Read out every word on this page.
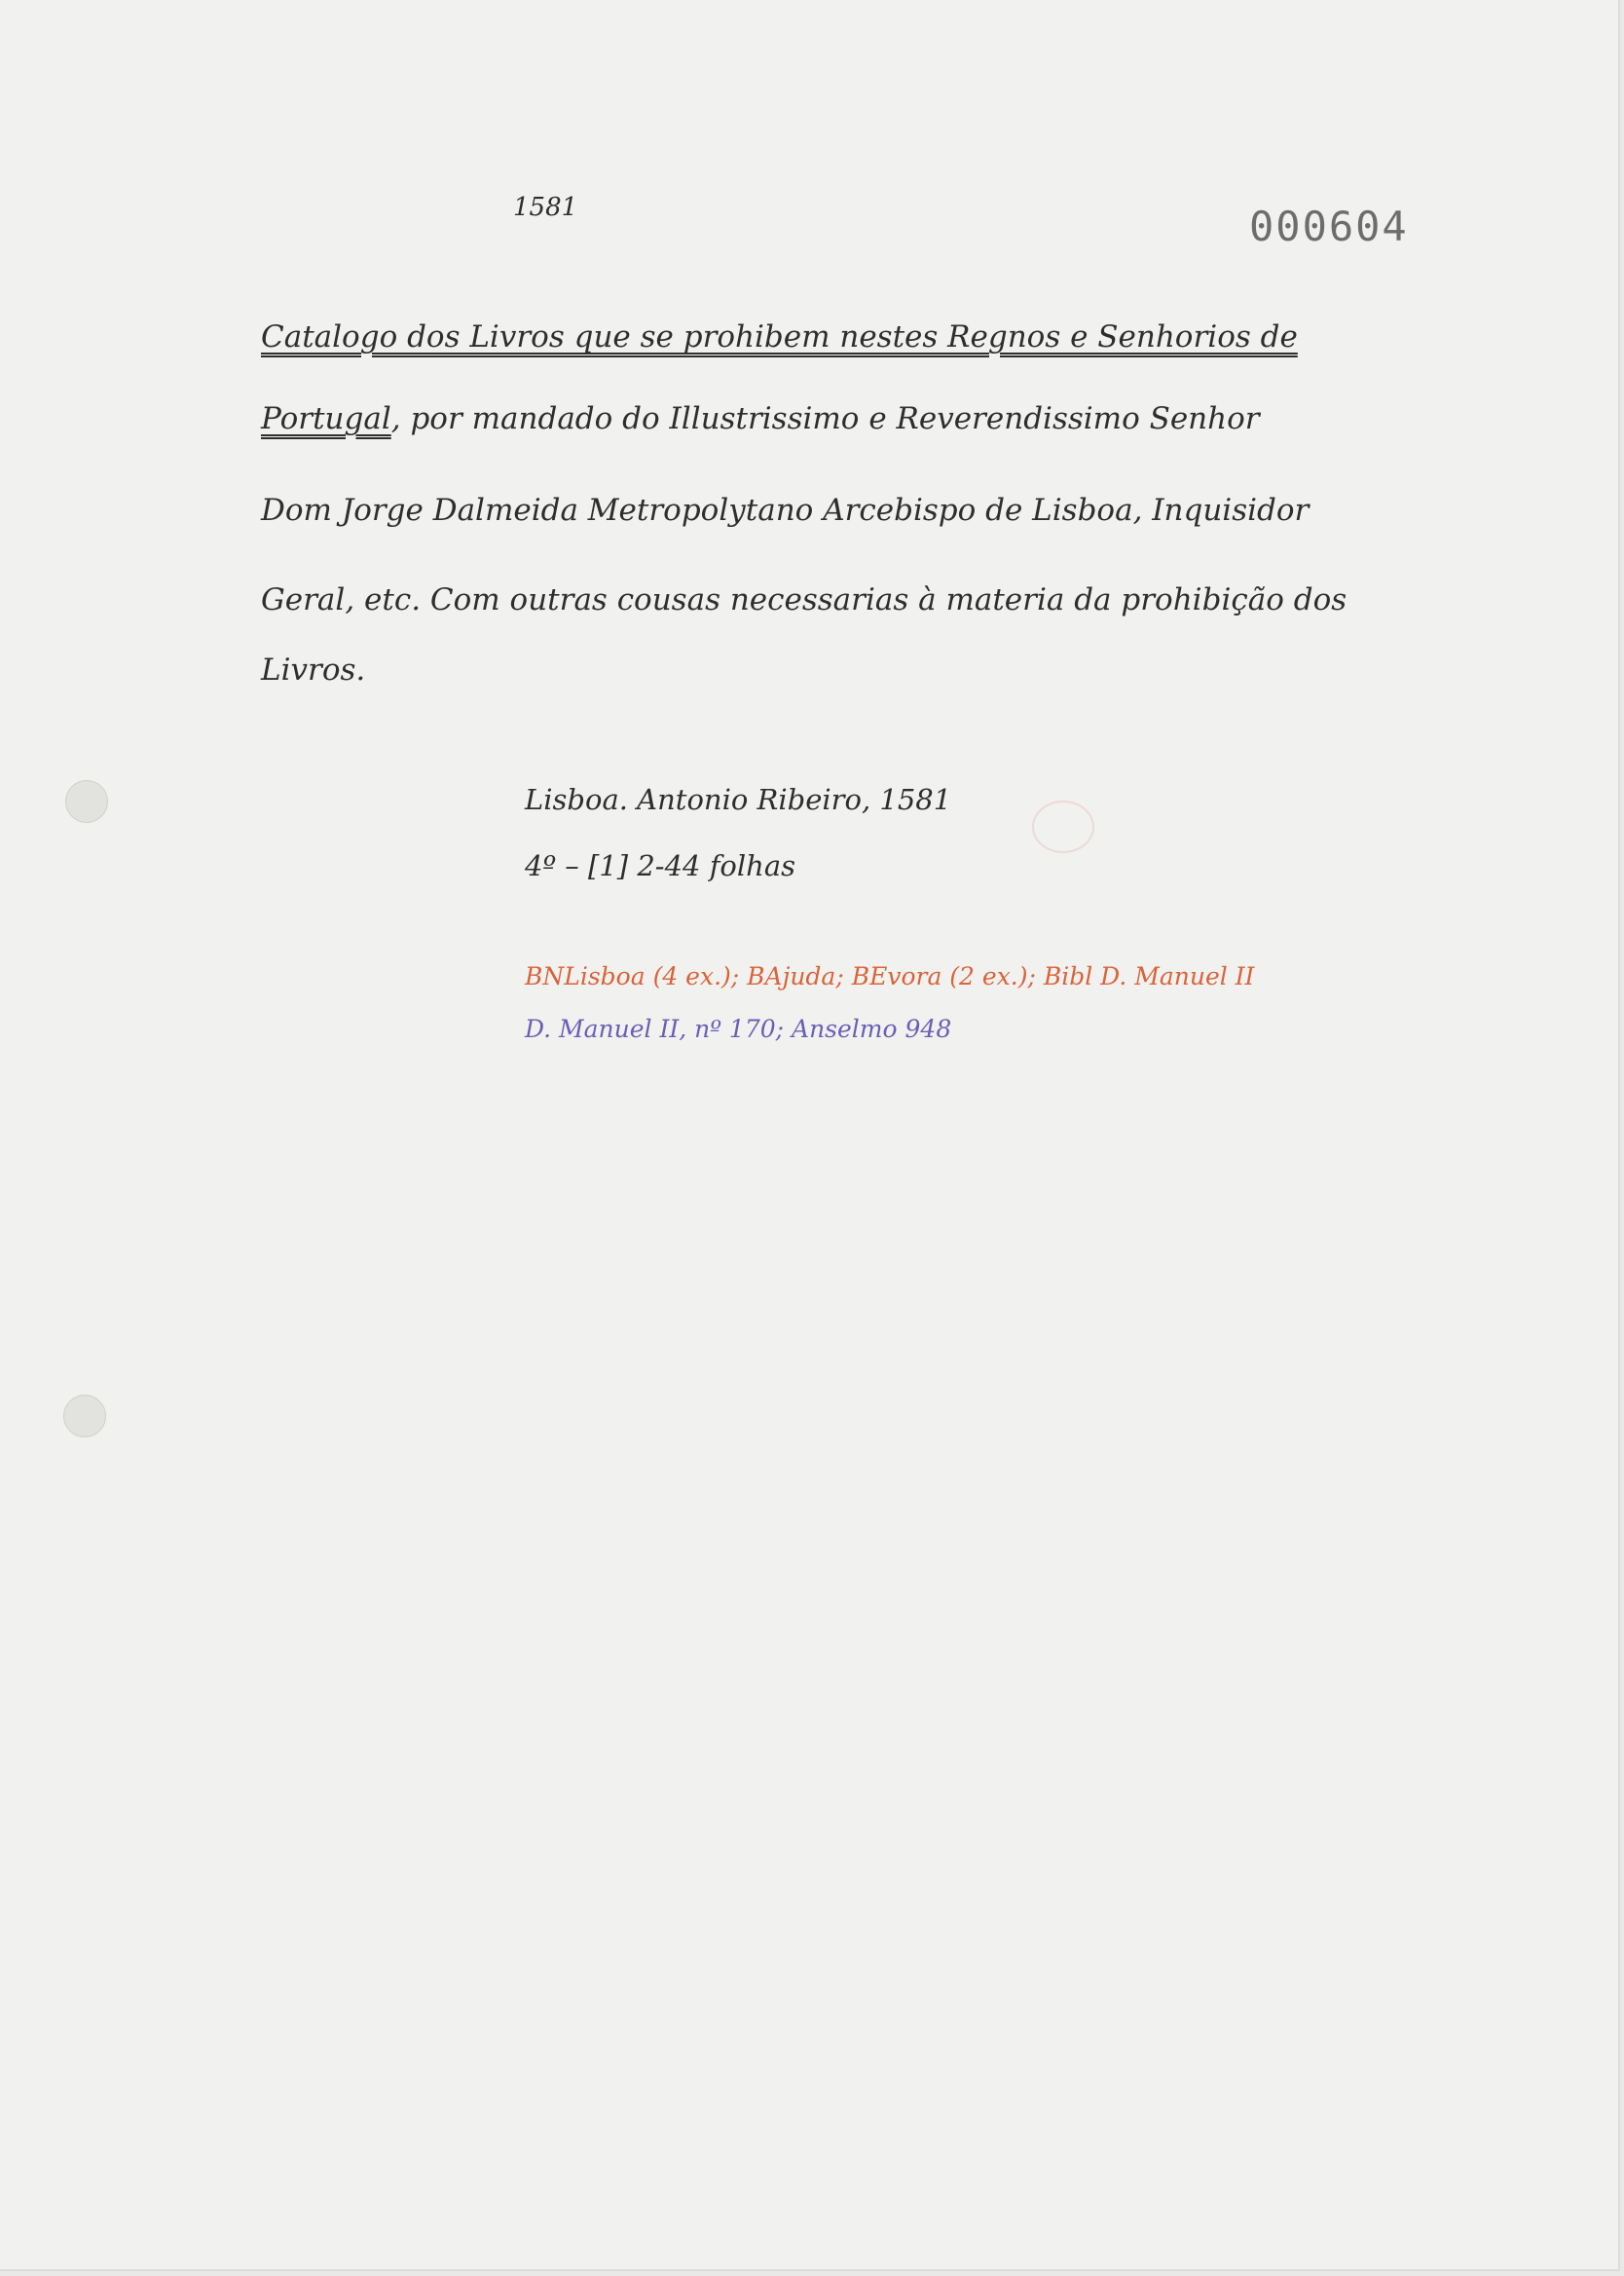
1581	000604
Catalogo dos Livros que se prohibem nestes Regnos e Senhorios de
Portugal, por mandado do Illustrissimo e Reverendissimo Senhor
Dom Jorge Dalmeida Metropolytano Arcebispo de Lisboa, Inquisidor
Geral, etc. Com outras cousas necessarias à materia da prohibição dos
Livros.
Lisboa. Antonio Ribeiro, 1581
4º – [1] 2-44 folhas
BNLisboa (4 ex.); BAjuda; BEvora (2 ex.); Bibl D. Manuel II
D. Manuel II, nº 170; Anselmo 948
